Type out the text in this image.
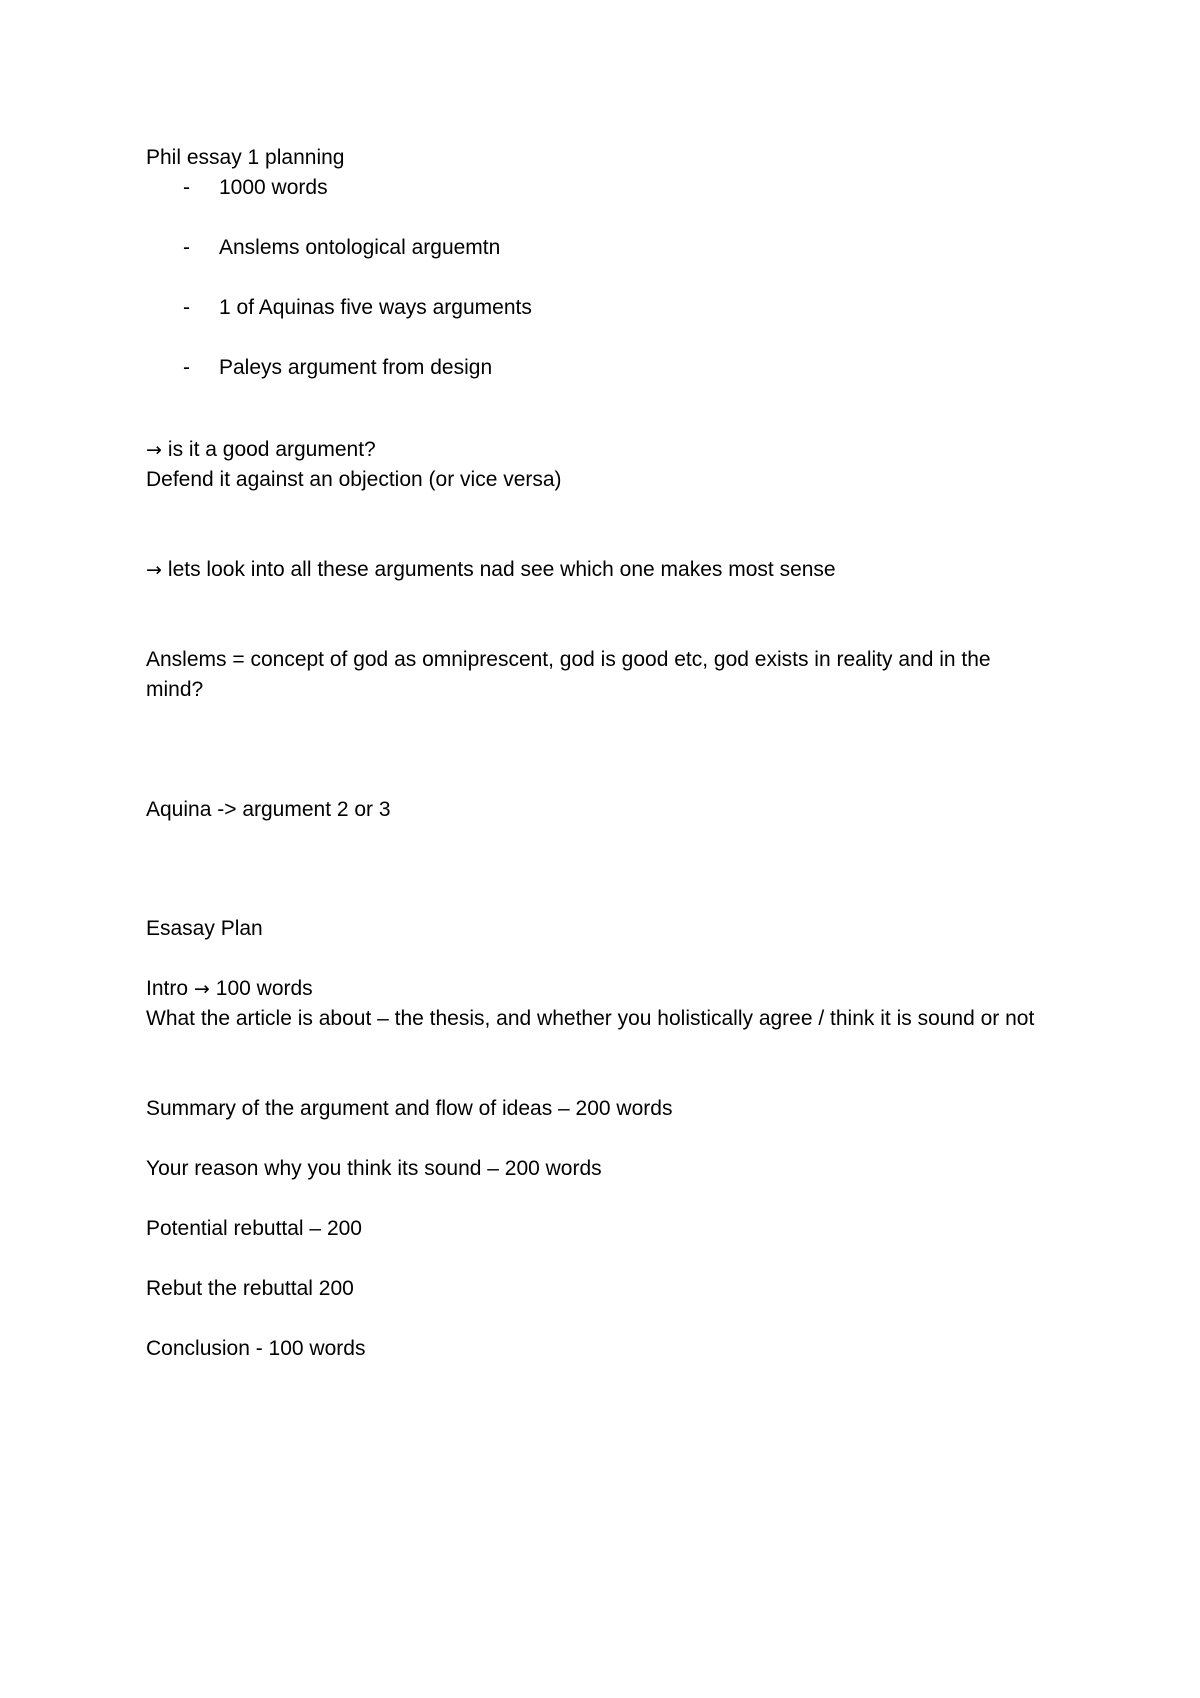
Phil essay 1 planning

- 1000 words
- Anslems ontological arguemtn
- 1 of Aquinas five ways arguments
- Paleys argument from design

→ is it a good argument?

Defend it against an objection (or vice versa)

→ lets look into all these arguments nad see which one makes most sense

Anslems = concept of god as omniprescent, god is good etc, god exists in reality and in the mind?

Aquina -> argument 2 or 3

Esasay Plan

Intro → 100 words

What the article is about – the thesis, and whether you holistically agree / think it is sound or not

Summary of the argument and flow of ideas – 200 words

Your reason why you think its sound – 200 words

Potential rebuttal – 200

Rebut the rebuttal 200

Conclusion - 100 words
